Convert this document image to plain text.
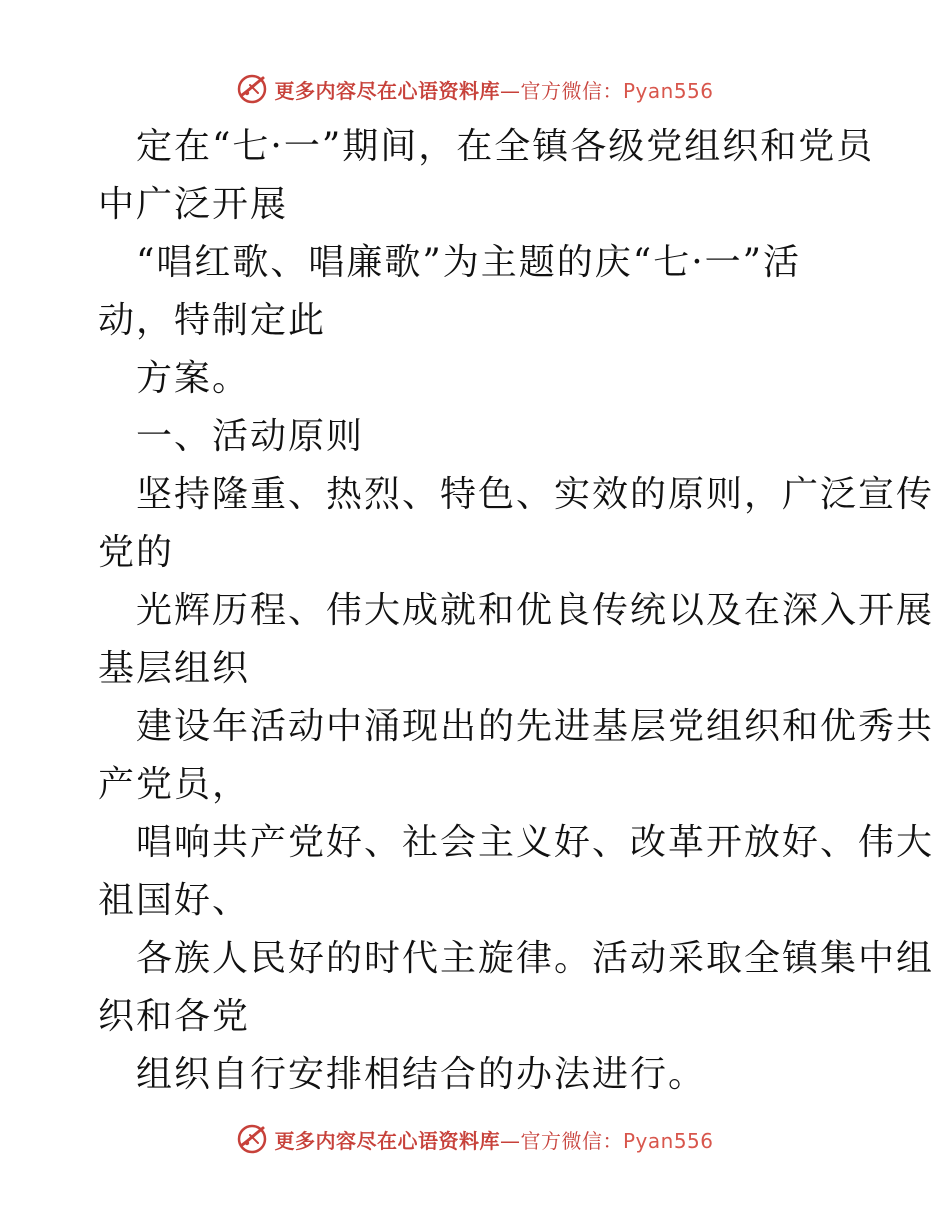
更多内容尽在心语资料库—官方微信：Pyan556
定在“七·一”期间，在全镇各级党组织和党员
中广泛开展
“唱红歌、唱廉歌”为主题的庆“七·一”活
动，特制定此
方案。
一、活动原则
坚持隆重、热烈、特色、实效的原则，广泛宣传
党的
光辉历程、伟大成就和优良传统以及在深入开展
基层组织
建设年活动中涌现出的先进基层党组织和优秀共
产党员，
唱响共产党好、社会主义好、改革开放好、伟大
祖国好、
各族人民好的时代主旋律。活动采取全镇集中组
织和各党
组织自行安排相结合的办法进行。
更多内容尽在心语资料库—官方微信：Pyan556
